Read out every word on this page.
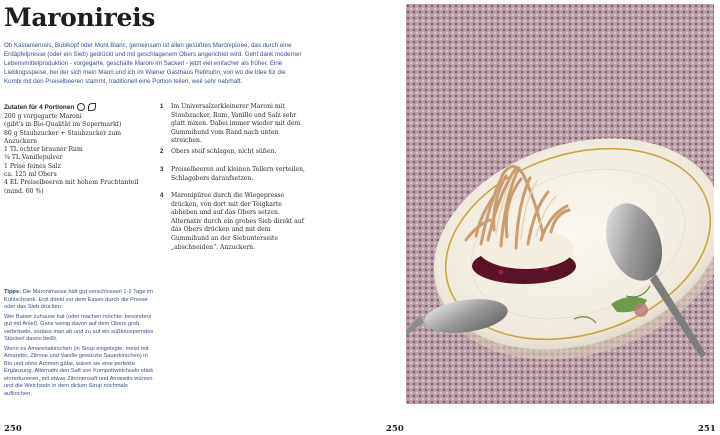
Maronireis
Ob Kastanienreis, Bubikopf oder Mont Blanc, gemeinsam ist allen gesüßtes Maronipüree, das durch eine Erdäpfelpresse (oder ein Sieb) gedrückt und mit geschlagenem Obers angerichtet wird. Geht dank moderner Lebensmittelproduktion - vorgegarte, geschälte Maroni im Sackerl - jetzt viel einfacher als früher. Eine Lieblingsspeise, bei der sich mein Mann und ich im Wiener Gasthaus Rebhuhn, von wo die Idee für die Kombi mit den Preiselbeeren stammt, traditionell eine Portion teilen, weil sehr nahrhaft.
Zutaten für 4 Portionen
200 g vorgegarte Maroni
(gibt’s in Bio-Qualität im Supermarkt)
80 g Staubzucker + Staubzucker zum Anzuckern
1 TL echter brauner Rum
¼ TL Vanillepulver
1 Prise feines Salz
ca. 125 ml Obers
4 EL Preiselbeeren mit hohem Fruchtanteil
(mind. 60 %)
1	Im Universalzerkleinerer Maroni mit Staubzucker, Rum, Vanille und Salz sehr glatt mixen. Dabei immer wieder mit dem Gummihund vom Rand nach unten streichen.
2	Obers steif schlagen, nicht süßen.
3	Preiselbeeren auf kleinen Tellern verteilen, Schlagobers daraufsetzen.
4	Maronipüree durch die Wiegepresse drücken, von dort mit der Teigkarte abheben und auf das Obers setzen. Alternativ durch ein grobes Sieb direkt auf das Obers drücken und mit dem Gummihund an der Siebunterseite „abschneiden“. Anzuckern.

Tipps: Die Maronimasse hält gut verschlossen 1-2 Tage im Kühlschrank. Erst direkt vor dem Essen durch die Presse oder das Sieb drücken.

Wer Baiser zuhause hat (oder machen möchte: besonders gut mit Aniel): Ganz wenig davon auf dem Obers grob verbröseln, sodass man ab und zu auf ein süßknusperndes Stückerl davon beißt.

Wenn es Amarenakirschen (in Sirup eingelegte, meist mit Amaretto, Zitrone und Vanille gewürzte Sauerkirschen) in Bio und ohne Aromen gäbe, wären sie eine perfekte Ergänzung. Alternativ den Saft von Kompottweichseln stark einreduzieren, mit etwas Zitronensaft und Amaretto würzen und die Weichseln in dem dicken Sirup nochmals aufkochen.

250	250	251
